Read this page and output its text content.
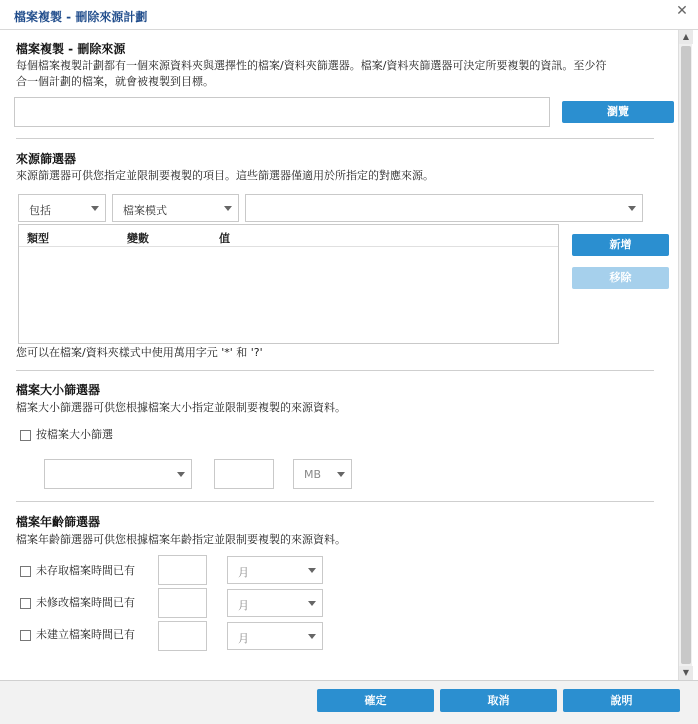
檔案複製 - 刪除來源計劃	✕
檔案複製 - 刪除來源
每個檔案複製計劃都有一個來源資料夾與選擇性的檔案/資料夾篩選器。檔案/資料夾篩選器可決定所要複製的資訊。至少符
合一個計劃的檔案，就會被複製到目標。
瀏覽
來源篩選器
來源篩選器可供您指定並限制要複製的項目。這些篩選器僅適用於所指定的對應來源。
包括	檔案模式
類型	變數	值	新增
移除
您可以在檔案/資料夾樣式中使用萬用字元 '*' 和 '?'
檔案大小篩選器
檔案大小篩選器可供您根據檔案大小指定並限制要複製的來源資料。
按檔案大小篩選
MB
檔案年齡篩選器
檔案年齡篩選器可供您根據檔案年齡指定並限制要複製的來源資料。
未存取檔案時間已有	月
未修改檔案時間已有	月
未建立檔案時間已有	月
▲
▼
確定	取消	說明
